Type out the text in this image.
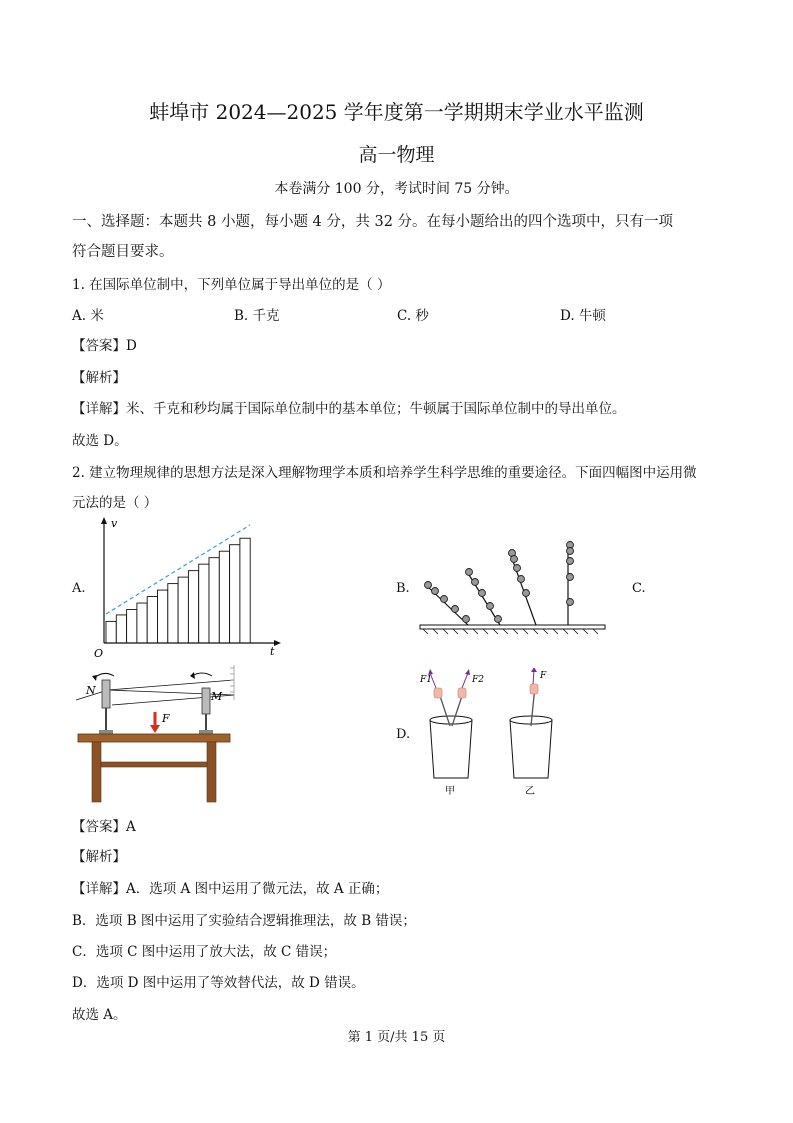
蚌埠市 2024—2025 学年度第一学期期末学业水平监测
高一物理
本卷满分 100 分，考试时间 75 分钟。
一、选择题：本题共 8 小题，每小题 4 分，共 32 分。在每小题给出的四个选项中，只有一项
符合题目要求。
1. 在国际单位制中，下列单位属于导出单位的是（ ）
A. 米	B. 千克	C. 秒	D. 牛顿
【答案】D
【解析】
【详解】米、千克和秒均属于国际单位制中的基本单位；牛顿属于国际单位制中的导出单位。
故选 D。
2. 建立物理规律的思想方法是深入理解物理学本质和培养学生科学思维的重要途径。下面四幅图中运用微
元法的是（ ）
A.
v
t
O
B.	C.
N	M
F
D.
F1	F2	F
甲	乙
【答案】A
【解析】
【详解】A．选项 A 图中运用了微元法，故 A 正确；
B．选项 B 图中运用了实验结合逻辑推理法，故 B 错误；
C．选项 C 图中运用了放大法，故 C 错误；
D．选项 D 图中运用了等效替代法，故 D 错误。
故选 A。
第 1 页/共 15 页
